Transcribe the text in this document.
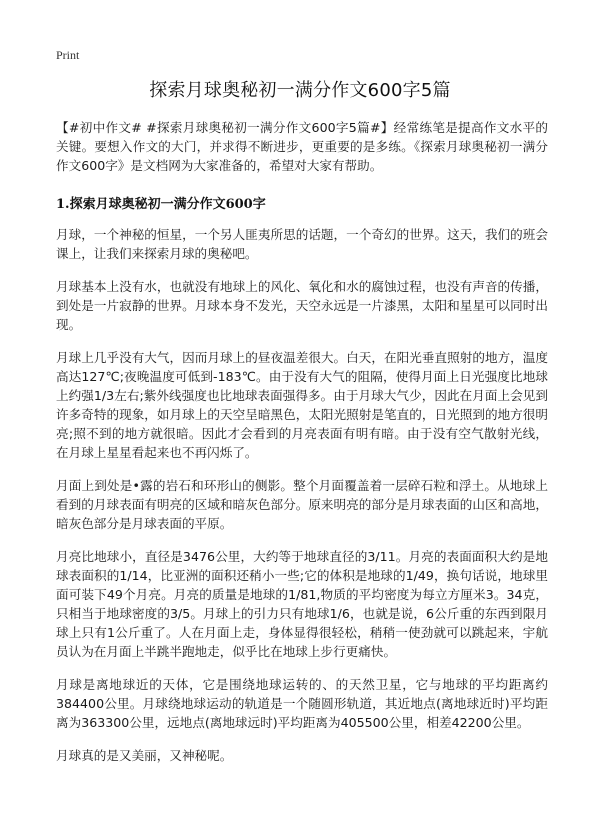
Print
探索月球奥秘初一满分作文600字5篇

【#初中作文# #探索月球奥秘初一满分作文600字5篇#】经常练笔是提高作文水平的关键。要想入作文的大门，并求得不断进步，更重要的是多练。《探索月球奥秘初一满分作文600字》是文档网为大家准备的，希望对大家有帮助。

1.探索月球奥秘初一满分作文600字

月球，一个神秘的恒星，一个另人匪夷所思的话题，一个奇幻的世界。这天，我们的班会课上，让我们来探索月球的奥秘吧。

月球基本上没有水，也就没有地球上的风化、氧化和水的腐蚀过程，也没有声音的传播，到处是一片寂静的世界。月球本身不发光，天空永远是一片漆黑，太阳和星星可以同时出现。

月球上几乎没有大气，因而月球上的昼夜温差很大。白天，在阳光垂直照射的地方，温度高达127℃;夜晚温度可低到-183℃。由于没有大气的阻隔，使得月面上日光强度比地球上约强1/3左右;紫外线强度也比地球表面强得多。由于月球大气少，因此在月面上会见到许多奇特的现象，如月球上的天空呈暗黑色，太阳光照射是笔直的，日光照到的地方很明亮;照不到的地方就很暗。因此才会看到的月亮表面有明有暗。由于没有空气散射光线，在月球上星星看起来也不再闪烁了。

月面上到处是•露的岩石和环形山的侧影。整个月面覆盖着一层碎石粒和浮土。从地球上看到的月球表面有明亮的区域和暗灰色部分。原来明亮的部分是月球表面的山区和高地，暗灰色部分是月球表面的平原。

月亮比地球小，直径是3476公里，大约等于地球直径的3/11。月亮的表面面积大约是地球表面积的1/14，比亚洲的面积还稍小一些;它的体积是地球的1/49，换句话说，地球里面可装下49个月亮。月亮的质量是地球的1/81,物质的平均密度为每立方厘米3。34克，只相当于地球密度的3/5。月球上的引力只有地球1/6，也就是说，6公斤重的东西到限月球上只有1公斤重了。人在月面上走，身体显得很轻松，稍稍一使劲就可以跳起来，宇航员认为在月面上半跳半跑地走，似乎比在地球上步行更痛快。

月球是离地球近的天体，它是围绕地球运转的、的天然卫星，它与地球的平均距离约384400公里。月球绕地球运动的轨道是一个随圆形轨道，其近地点(离地球近时)平均距离为363300公里，远地点(离地球远时)平均距离为405500公里，相差42200公里。

月球真的是又美丽，又神秘呢。
